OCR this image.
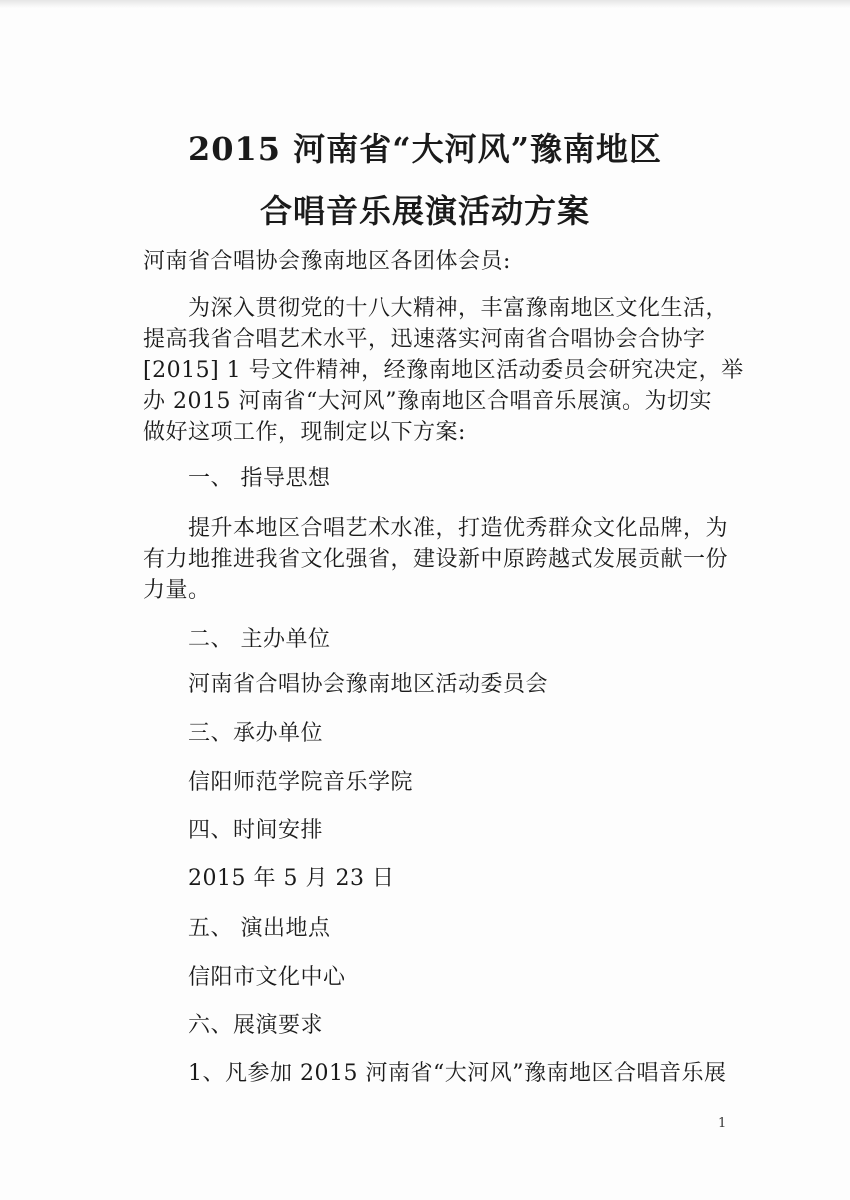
2015 河南省“大河风”豫南地区
合唱音乐展演活动方案
河南省合唱协会豫南地区各团体会员:
为深入贯彻党的十八大精神，丰富豫南地区文化生活，
提高我省合唱艺术水平，迅速落实河南省合唱协会合协字
[2015] 1 号文件精神，经豫南地区活动委员会研究决定，举
办 2015 河南省“大河风”豫南地区合唱音乐展演。为切实
做好这项工作，现制定以下方案:
一、 指导思想
提升本地区合唱艺术水准，打造优秀群众文化品牌，为
有力地推进我省文化强省，建设新中原跨越式发展贡献一份
力量。
二、 主办单位
河南省合唱协会豫南地区活动委员会
三、承办单位
信阳师范学院音乐学院
四、时间安排
2015 年 5 月 23 日
五、 演出地点
信阳市文化中心
六、展演要求
1、凡参加 2015 河南省“大河风”豫南地区合唱音乐展
1
